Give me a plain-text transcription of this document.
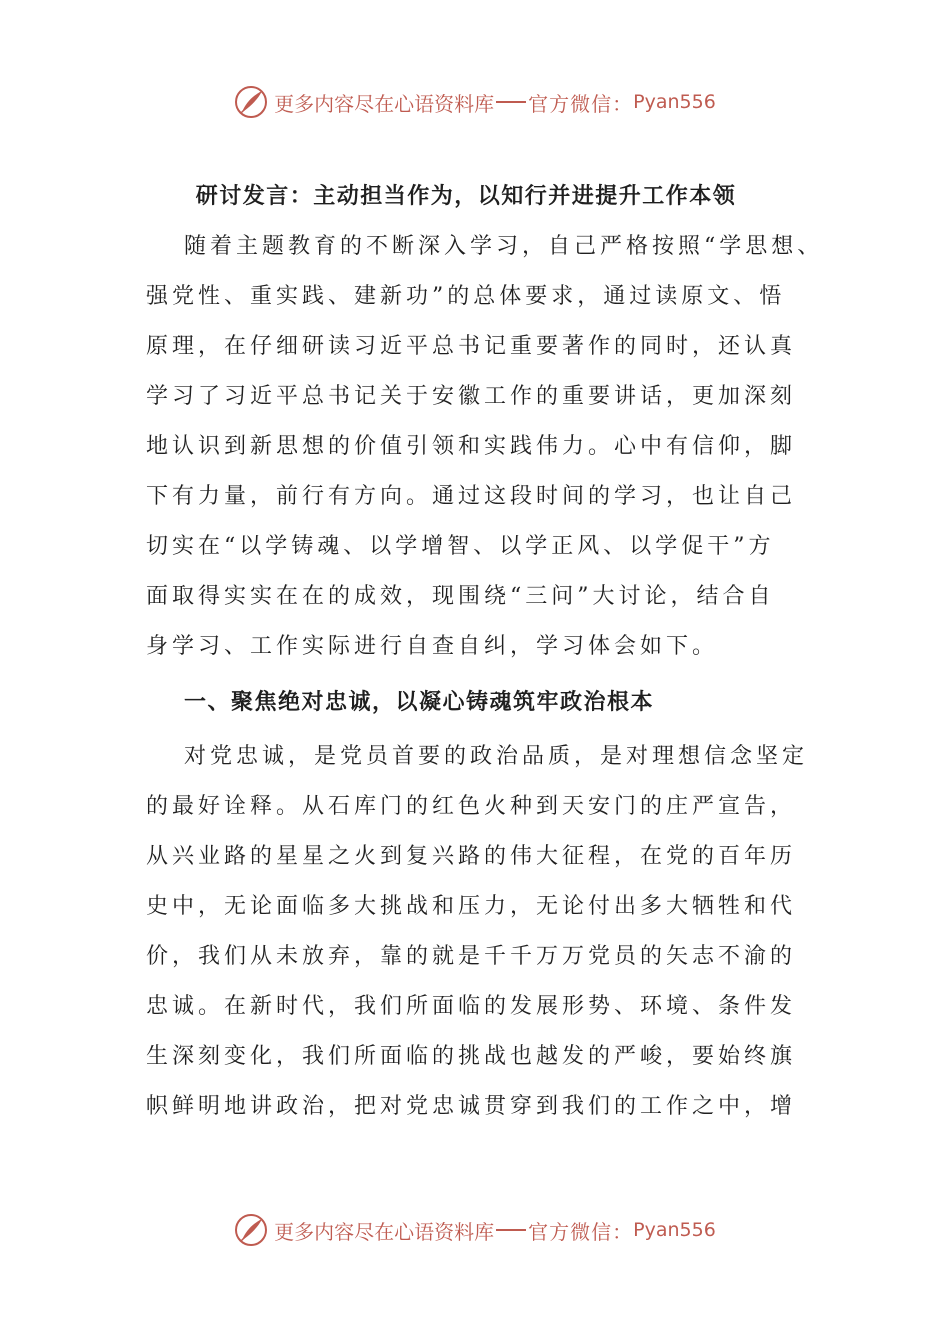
更多内容尽在心语资料库 官方微信： Pyan556
研讨发言：主动担当作为，以知行并进提升工作本领

随着主题教育的不断深入学习，自己严格按照“学思想、
强党性、重实践、建新功”的总体要求，通过读原文、悟
原理，在仔细研读习近平总书记重要著作的同时，还认真
学习了习近平总书记关于安徽工作的重要讲话，更加深刻
地认识到新思想的价值引领和实践伟力。心中有信仰，脚
下有力量，前行有方向。通过这段时间的学习，也让自己
切实在“以学铸魂、以学增智、以学正风、以学促干”方
面取得实实在在的成效，现围绕“三问”大讨论，结合自
身学习、工作实际进行自查自纠，学习体会如下。

一、聚焦绝对忠诚，以凝心铸魂筑牢政治根本

对党忠诚，是党员首要的政治品质，是对理想信念坚定
的最好诠释。从石库门的红色火种到天安门的庄严宣告，
从兴业路的星星之火到复兴路的伟大征程，在党的百年历
史中，无论面临多大挑战和压力，无论付出多大牺牲和代
价，我们从未放弃，靠的就是千千万万党员的矢志不渝的
忠诚。在新时代，我们所面临的发展形势、环境、条件发
生深刻变化，我们所面临的挑战也越发的严峻，要始终旗
帜鲜明地讲政治，把对党忠诚贯穿到我们的工作之中，增

更多内容尽在心语资料库 官方微信： Pyan556
